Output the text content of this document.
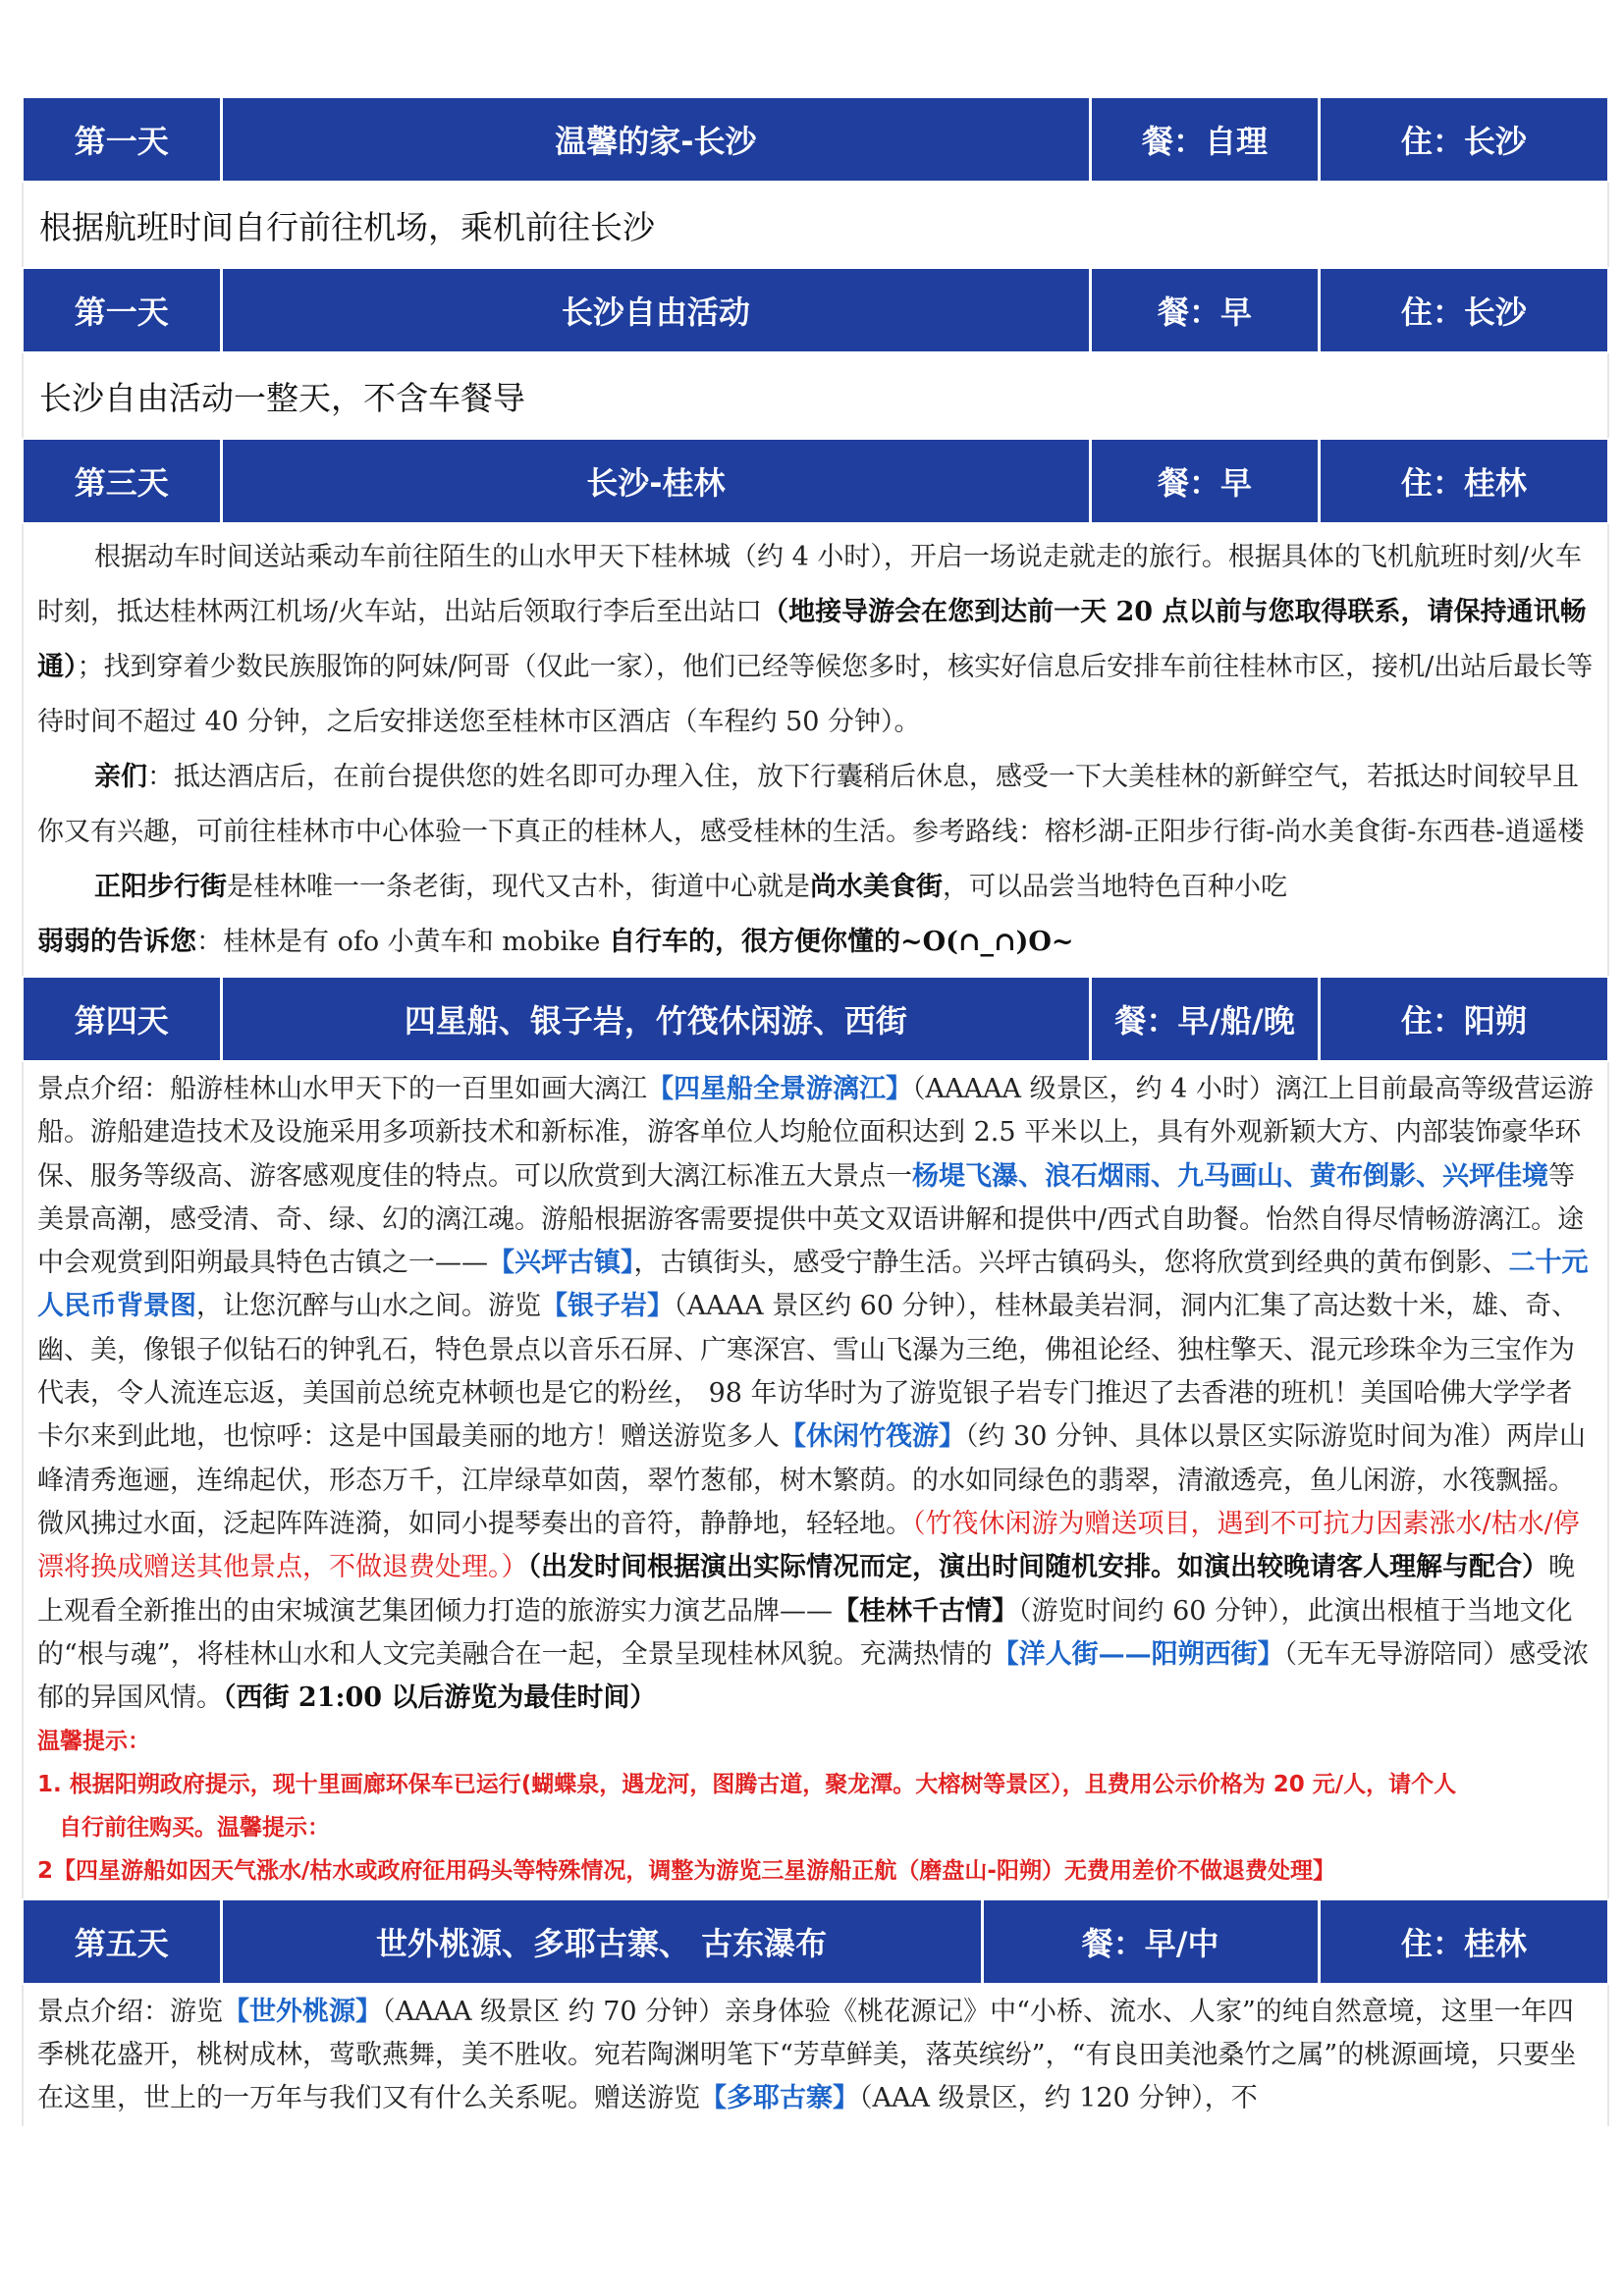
第一天	温馨的家-长沙	餐：自理	住：长沙
根据航班时间自行前往机场，乘机前往长沙
第一天	长沙自由活动	餐：早	住：长沙
长沙自由活动一整天，不含车餐导
第三天	长沙-桂林	餐：早	住：桂林

根据动车时间送站乘动车前往陌生的山水甲天下桂林城（约 4 小时），开启一场说走就走的旅行。根据具体的飞机航班时刻/火车时刻，抵达桂林两江机场/火车站，出站后领取行李后至出站口（地接导游会在您到达前一天 20 点以前与您取得联系，请保持通讯畅通）；找到穿着少数民族服饰的阿妹/阿哥（仅此一家），他们已经等候您多时，核实好信息后安排车前往桂林市区，接机/出站后最长等待时间不超过 40 分钟，之后安排送您至桂林市区酒店（车程约 50 分钟）。

亲们：抵达酒店后，在前台提供您的姓名即可办理入住，放下行囊稍后休息，感受一下大美桂林的新鲜空气，若抵达时间较早且你又有兴趣，可前往桂林市中心体验一下真正的桂林人，感受桂林的生活。参考路线：榕杉湖-正阳步行街-尚水美食街-东西巷-逍遥楼

正阳步行街是桂林唯一一条老街，现代又古朴，街道中心就是尚水美食街，可以品尝当地特色百种小吃

弱弱的告诉您：桂林是有 ofo 小黄车和 mobike 自行车的，很方便你懂的~O(∩_∩)O~

第四天	四星船、银子岩，竹筏休闲游、西街	餐：早/船/晚	住：阳朔

景点介绍：船游桂林山水甲天下的一百里如画大漓江【四星船全景游漓江】（AAAAA 级景区，约 4 小时）漓江上目前最高等级营运游船。游船建造技术及设施采用多项新技术和新标准，游客单位人均舱位面积达到 2.5 平米以上，具有外观新颖大方、内部装饰豪华环保、服务等级高、游客感观度佳的特点。可以欣赏到大漓江标准五大景点一杨堤飞瀑、浪石烟雨、九马画山、黄布倒影、兴坪佳境等美景高潮，感受清、奇、绿、幻的漓江魂。游船根据游客需要提供中英文双语讲解和提供中/西式自助餐。怡然自得尽情畅游漓江。途中会观赏到阳朔最具特色古镇之一——【兴坪古镇】，古镇街头，感受宁静生活。兴坪古镇码头，您将欣赏到经典的黄布倒影、二十元人民币背景图，让您沉醉与山水之间。游览【银子岩】（AAAA 景区约 60 分钟），桂林最美岩洞，洞内汇集了高达数十米，雄、奇、幽、美，像银子似钻石的钟乳石，特色景点以音乐石屏、广寒深宫、雪山飞瀑为三绝，佛祖论经、独柱擎天、混元珍珠伞为三宝作为代表，令人流连忘返，美国前总统克林顿也是它的粉丝， 98 年访华时为了游览银子岩专门推迟了去香港的班机！美国哈佛大学学者卡尔来到此地，也惊呼：这是中国最美丽的地方！赠送游览多人【休闲竹筏游】（约 30 分钟、具体以景区实际游览时间为准）两岸山峰清秀迤逦，连绵起伏，形态万千，江岸绿草如茵，翠竹葱郁，树木繁荫。的水如同绿色的翡翠，清澈透亮，鱼儿闲游，水筏飘摇。微风拂过水面，泛起阵阵涟漪，如同小提琴奏出的音符，静静地，轻轻地。（竹筏休闲游为赠送项目，遇到不可抗力因素涨水/枯水/停漂将换成赠送其他景点，不做退费处理。）（出发时间根据演出实际情况而定，演出时间随机安排。如演出较晚请客人理解与配合）晚上观看全新推出的由宋城演艺集团倾力打造的旅游实力演艺品牌——【桂林千古情】（游览时间约 60 分钟），此演出根植于当地文化的“根与魂”，将桂林山水和人文完美融合在一起，全景呈现桂林风貌。充满热情的【洋人街——阳朔西街】（无车无导游陪同）感受浓郁的异国风情。（西街 21:00 以后游览为最佳时间）

温馨提示：
1. 根据阳朔政府提示，现十里画廊环保车已运行(蝴蝶泉，遇龙河，图腾古道，聚龙潭。大榕树等景区），且费用公示价格为 20 元/人，请个人
自行前往购买。温馨提示：
2【四星游船如因天气涨水/枯水或政府征用码头等特殊情况，调整为游览三星游船正航（磨盘山-阳朔）无费用差价不做退费处理】
第五天	世外桃源、多耶古寨、 古东瀑布	餐：早/中	住：桂林

景点介绍：游览【世外桃源】（AAAA 级景区 约 70 分钟）亲身体验《桃花源记》中“小桥、流水、人家”的纯自然意境，这里一年四季桃花盛开，桃树成林，莺歌燕舞，美不胜收。宛若陶渊明笔下“芳草鲜美，落英缤纷”，“有良田美池桑竹之属”的桃源画境，只要坐在这里，世上的一万年与我们又有什么关系呢。赠送游览【多耶古寨】（AAA 级景区，约 120 分钟），不
